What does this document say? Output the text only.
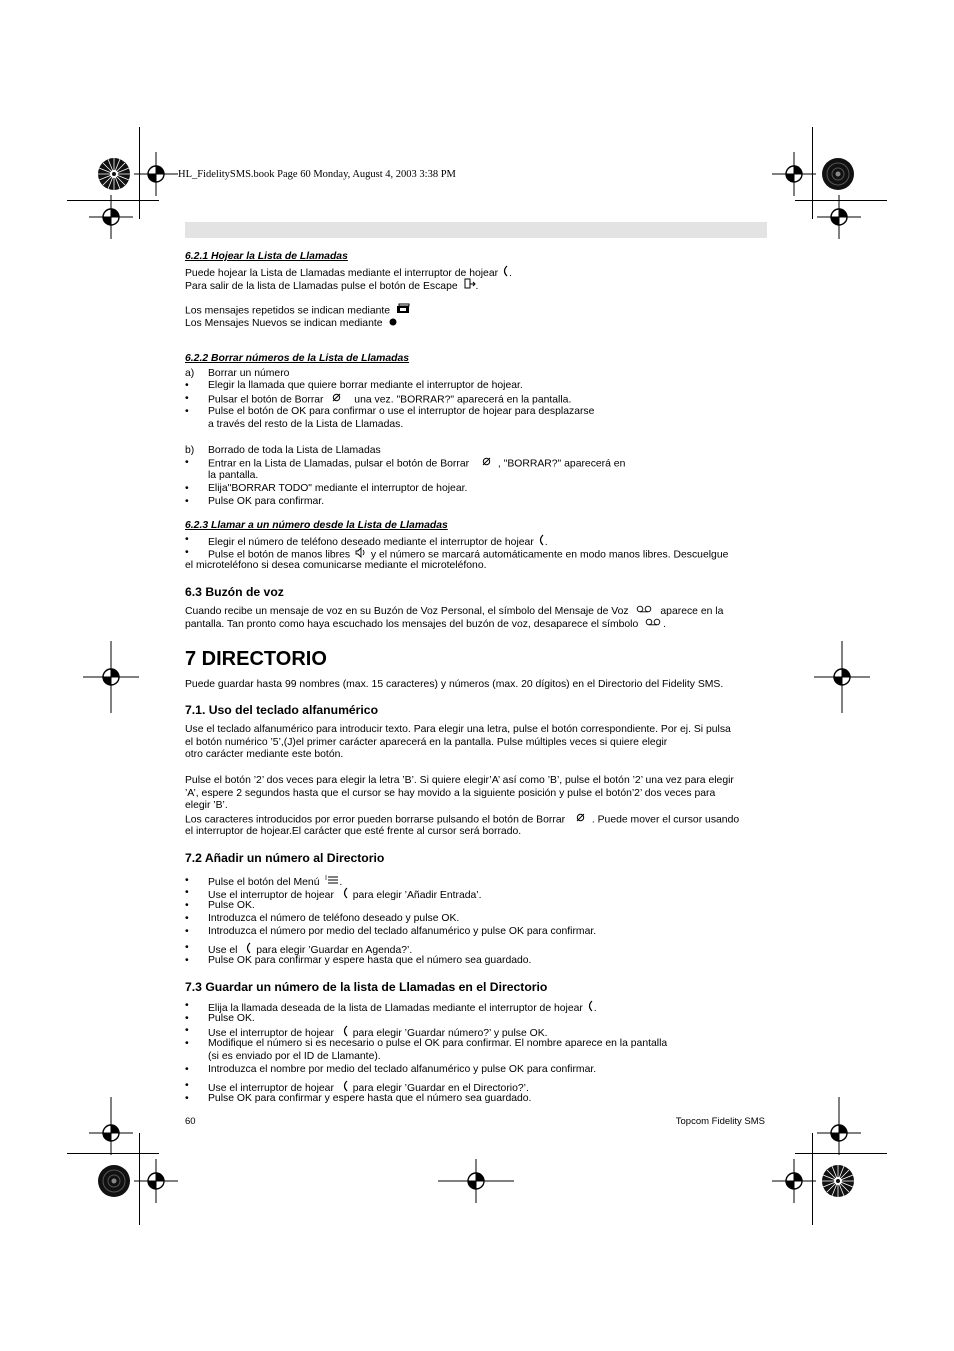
HL_FidelitySMS.book Page 60 Monday, August 4, 2003 3:38 PM
6.2.1 Hojear la Lista de Llamadas
Puede hojear la Lista de Llamadas mediante el interruptor de hojear .
Para salir de la lista de Llamadas pulse el botón de Escape .
Los mensajes repetidos se indican mediante
Los Mensajes Nuevos se indican mediante
6.2.2 Borrar números de la Lista de Llamadas
a) Borrar un número
• Elegir la llamada que quiere borrar mediante el interruptor de hojear.
• Pulsar el botón de Borrar	una vez. "BORRAR?" aparecerá en la pantalla.
• Pulse el botón de OK para confirmar o use el interruptor de hojear para desplazarse
a través del resto de la Lista de Llamadas.
b) Borrado de toda la Lista de Llamadas
• Entrar en la Lista de Llamadas, pulsar el botón de Borrar	, "BORRAR?" aparecerá en
la pantalla.
• Elija"BORRAR TODO" mediante el interruptor de hojear.
• Pulse OK para confirmar.
6.2.3 Llamar a un número desde la Lista de Llamadas
• Elegir el número de teléfono deseado mediante el interruptor de hojear .
• Pulse el botón de manos libres y el número se marcará automáticamente en modo manos libres. Descuelgue
el microteléfono si desea comunicarse mediante el microteléfono.
6.3 Buzón de voz
Cuando recibe un mensaje de voz en su Buzón de Voz Personal, el símbolo del Mensaje de Voz	aparece en la
pantalla. Tan pronto como haya escuchado los mensajes del buzón de voz, desaparece el símbolo .
7 DIRECTORIO
Puede guardar hasta 99 nombres (max. 15 caracteres) y números (max. 20 dígitos) en el Directorio del Fidelity SMS.
7.1. Uso del teclado alfanumérico
Use el teclado alfanumérico para introducir texto. Para elegir una letra, pulse el botón correspondiente. Por ej. Si pulsa
el botón numérico ’5’,(J)el primer carácter aparecerá en la pantalla. Pulse múltiples veces si quiere elegir
otro carácter mediante este botón.
Pulse el botón ’2’ dos veces para elegir la letra ’B’. Si quiere elegir’A’ así como ’B’, pulse el botón ’2’ una vez para elegir
’A’, espere 2 segundos hasta que el cursor se hay movido a la siguiente posición y pulse el botón’2’ dos veces para
elegir ’B’.
Los caracteres introducidos por error pueden borrarse pulsando el botón de Borrar	. Puede mover el cursor usando
el interruptor de hojear.El carácter que esté frente al cursor será borrado.
7.2 Añadir un número al Directorio
• Pulse el botón del Menú .
• Use el interruptor de hojear para elegir ’Añadir Entrada’.
• Pulse OK.
• Introduzca el número de teléfono deseado y pulse OK.
• Introduzca el número por medio del teclado alfanumérico y pulse OK para confirmar.
• Use el para elegir ’Guardar en Agenda?’.
• Pulse OK para confirmar y espere hasta que el número sea guardado.
7.3 Guardar un número de la lista de Llamadas en el Directorio
• Elija la llamada deseada de la lista de Llamadas mediante el interruptor de hojear .
• Pulse OK.
• Use el interruptor de hojear para elegir ’Guardar número?’ y pulse OK.
• Modifique el número si es necesario o pulse el OK para confirmar. El nombre aparece en la pantalla
(si es enviado por el ID de Llamante).
• Introduzca el nombre por medio del teclado alfanumérico y pulse OK para confirmar.
• Use el interruptor de hojear para elegir ’Guardar en el Directorio?’.
• Pulse OK para confirmar y espere hasta que el número sea guardado.
60	Topcom Fidelity SMS
